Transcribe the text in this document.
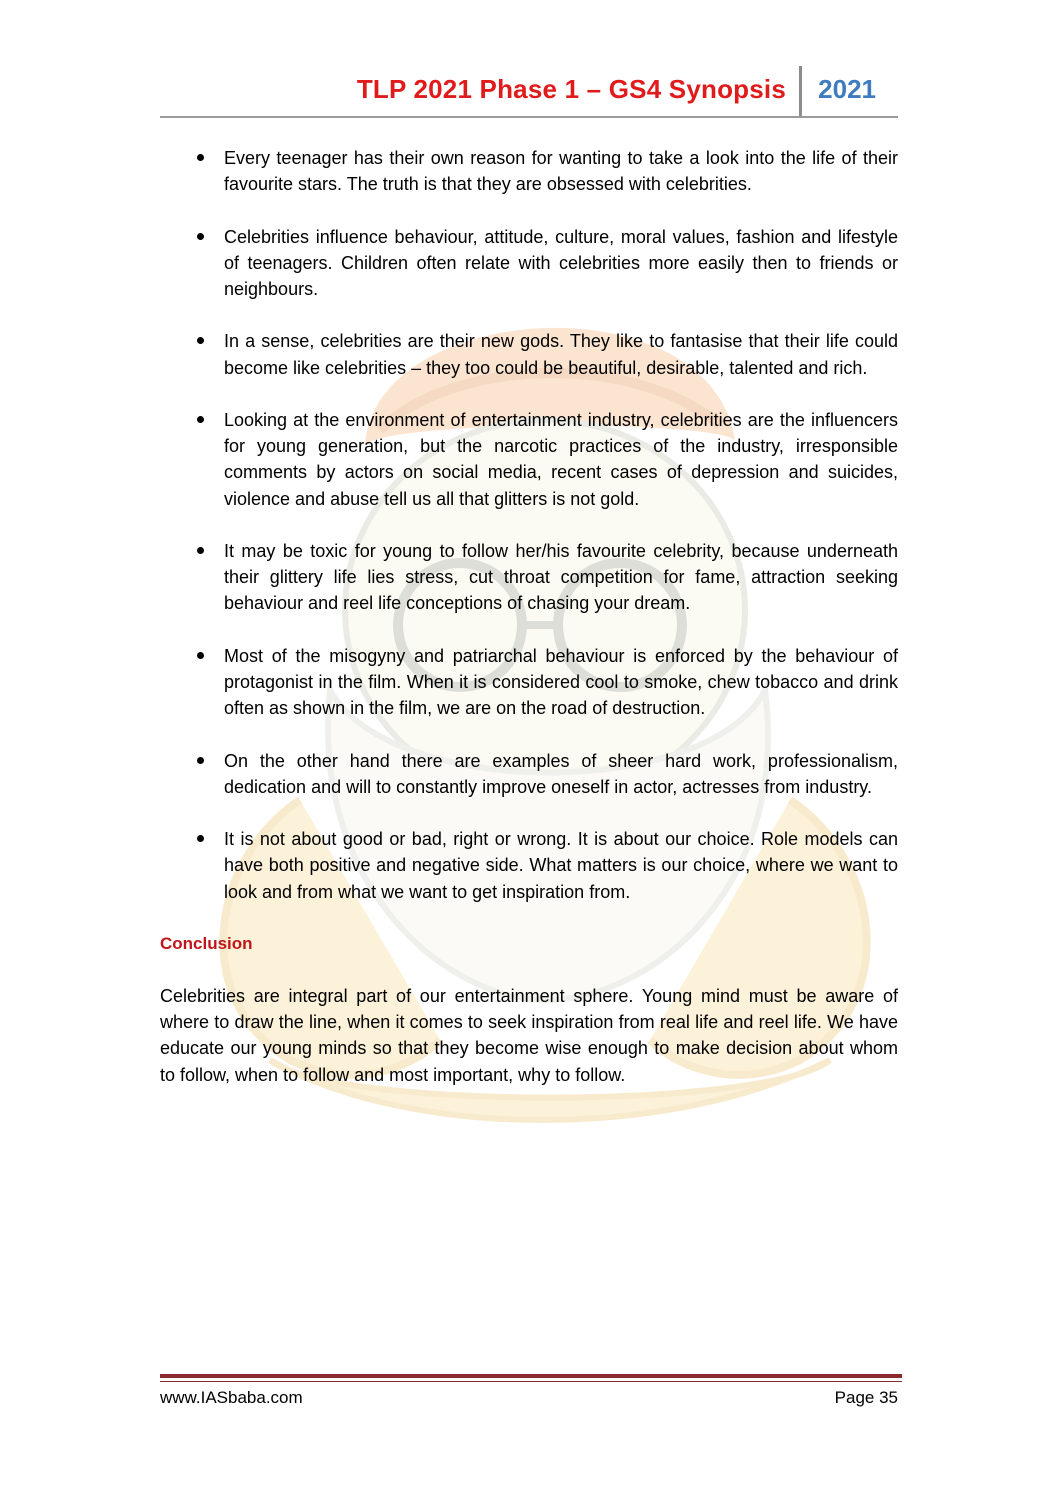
TLP 2021 Phase 1 – GS4 Synopsis 2021
Every teenager has their own reason for wanting to take a look into the life of their favourite stars. The truth is that they are obsessed with celebrities.
Celebrities influence behaviour, attitude, culture, moral values, fashion and lifestyle of teenagers. Children often relate with celebrities more easily then to friends or neighbours.
In a sense, celebrities are their new gods. They like to fantasise that their life could become like celebrities – they too could be beautiful, desirable, talented and rich.
Looking at the environment of entertainment industry, celebrities are the influencers for young generation, but the narcotic practices of the industry, irresponsible comments by actors on social media, recent cases of depression and suicides, violence and abuse tell us all that glitters is not gold.
It may be toxic for young to follow her/his favourite celebrity, because underneath their glittery life lies stress, cut throat competition for fame, attraction seeking behaviour and reel life conceptions of chasing your dream.
Most of the misogyny and patriarchal behaviour is enforced by the behaviour of protagonist in the film. When it is considered cool to smoke, chew tobacco and drink often as shown in the film, we are on the road of destruction.
On the other hand there are examples of sheer hard work, professionalism, dedication and will to constantly improve oneself in actor, actresses from industry.
It is not about good or bad, right or wrong. It is about our choice. Role models can have both positive and negative side. What matters is our choice, where we want to look and from what we want to get inspiration from.
Conclusion

Celebrities are integral part of our entertainment sphere. Young mind must be aware of where to draw the line, when it comes to seek inspiration from real life and reel life. We have educate our young minds so that they become wise enough to make decision about whom to follow, when to follow and most important, why to follow.

www.IASbaba.com	Page 35
